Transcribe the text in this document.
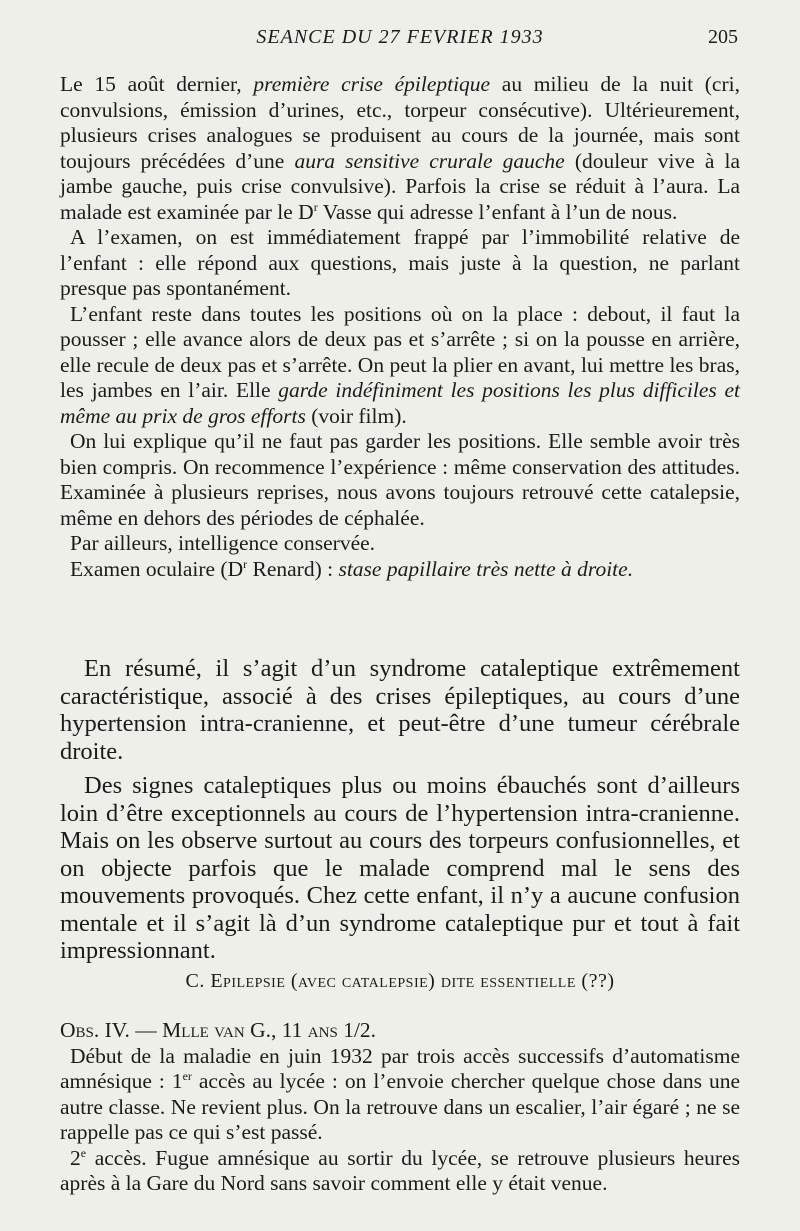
SEANCE DU 27 FEVRIER 1933	205

Le 15 août dernier, première crise épileptique au milieu de la nuit (cri, convulsions, émission d’urines, etc., torpeur consécutive). Ultérieurement, plusieurs crises analogues se produisent au cours de la journée, mais sont toujours précédées d’une aura sensitive crurale gauche (douleur vive à la jambe gauche, puis crise convulsive). Parfois la crise se réduit à l’aura. La malade est examinée par le $D^r$ Vasse qui adresse l’enfant à l’un de nous.

A l’examen, on est immédiatement frappé par l’immobilité relative de l’enfant : elle répond aux questions, mais juste à la question, ne parlant presque pas spontanément.

L’enfant reste dans toutes les positions où on la place : debout, il faut la pousser ; elle avance alors de deux pas et s’arrête ; si on la pousse en arrière, elle recule de deux pas et s’arrête. On peut la plier en avant, lui mettre les bras, les jambes en l’air. Elle garde indéfiniment les positions les plus difficiles et même au prix de gros efforts (voir film).

On lui explique qu’il ne faut pas garder les positions. Elle semble avoir très bien compris. On recommence l’expérience : même conservation des attitudes. Examinée à plusieurs reprises, nous avons toujours retrouvé cette catalepsie, même en dehors des périodes de céphalée.

Par ailleurs, intelligence conservée.

Examen oculaire ($D^r$ Renard) : stase papillaire très nette à droite.

En résumé, il s’agit d’un syndrome cataleptique extrêmement caractéristique, associé à des crises épileptiques, au cours d’une hypertension intra-cranienne, et peut-être d’une tumeur cérébrale droite.

Des signes cataleptiques plus ou moins ébauchés sont d’ailleurs loin d’être exceptionnels au cours de l’hypertension intra-cranienne. Mais on les observe surtout au cours des torpeurs confusionnelles, et on objecte parfois que le malade comprend mal le sens des mouvements provoqués. Chez cette enfant, il n’y a aucune confusion mentale et il s’agit là d’un syndrome cataleptique pur et tout à fait impressionnant.

C. Epilepsie (avec catalepsie) dite essentielle (??)

Obs. IV. — Mlle van G., 11 ans 1/2.

Début de la maladie en juin 1932 par trois accès successifs d’automatisme amnésique : 1er accès au lycée : on l’envoie chercher quelque chose dans une autre classe. Ne revient plus. On la retrouve dans un escalier, l’air égaré ; ne se rappelle pas ce qui s’est passé.

2e accès. Fugue amnésique au sortir du lycée, se retrouve plusieurs heures après à la Gare du Nord sans savoir comment elle y était venue.
